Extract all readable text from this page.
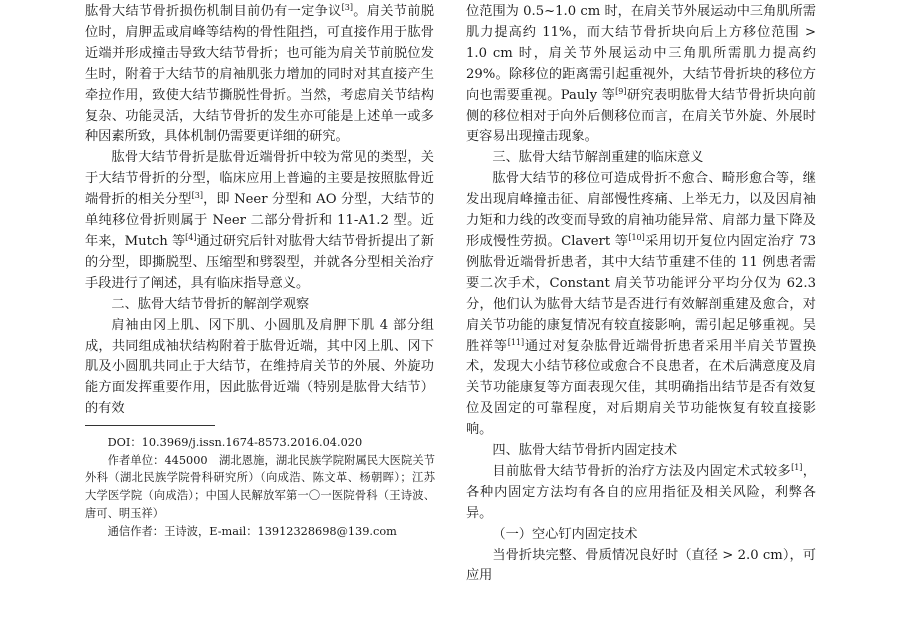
肱骨大结节骨折损伤机制目前仍有一定争议[3]。肩关节前脱位时，肩胛盂或肩峰等结构的骨性阻挡，可直接作用于肱骨近端并形成撞击导致大结节骨折；也可能为肩关节前脱位发生时，附着于大结节的肩袖肌张力增加的同时对其直接产生牵拉作用，致使大结节撕脱性骨折。当然，考虑肩关节结构复杂、功能灵活，大结节骨折的发生亦可能是上述单一或多种因素所致，具体机制仍需要更详细的研究。

肱骨大结节骨折是肱骨近端骨折中较为常见的类型，关于大结节骨折的分型，临床应用上普遍的主要是按照肱骨近端骨折的相关分型[3]，即 Neer 分型和 AO 分型，大结节的单纯移位骨折则属于 Neer 二部分骨折和 11-A1.2 型。近年来，Mutch 等[4]通过研究后针对肱骨大结节骨折提出了新的分型，即撕脱型、压缩型和劈裂型，并就各分型相关治疗手段进行了阐述，具有临床指导意义。

二、肱骨大结节骨折的解剖学观察

肩袖由冈上肌、冈下肌、小圆肌及肩胛下肌 4 部分组成，共同组成袖状结构附着于肱骨近端，其中冈上肌、冈下肌及小圆肌共同止于大结节，在维持肩关节的外展、外旋功能方面发挥重要作用，因此肱骨近端（特别是肱骨大结节）的有效

DOI：10.3969/j.issn.1674-8573.2016.04.020

作者单位：445000　湖北恩施，湖北民族学院附属民大医院关节外科（湖北民族学院骨科研究所）（向成浩、陈文革、杨朝晖）；江苏大学医学院（向成浩）；中国人民解放军第一〇一医院骨科（王诗波、唐可、明玉祥）

通信作者：王诗波，E-mail：13912328698@139.com

位范围为 0.5~1.0 cm 时，在肩关节外展运动中三角肌所需肌力提高约 11%，而大结节骨折块向后上方移位范围 > 1.0 cm 时，肩关节外展运动中三角肌所需肌力提高约 29%。除移位的距离需引起重视外，大结节骨折块的移位方向也需要重视。Pauly 等[9]研究表明肱骨大结节骨折块向前侧的移位相对于向外后侧移位而言，在肩关节外旋、外展时更容易出现撞击现象。

三、肱骨大结节解剖重建的临床意义

肱骨大结节的移位可造成骨折不愈合、畸形愈合等，继发出现肩峰撞击征、肩部慢性疼痛、上举无力，以及因肩袖力矩和力线的改变而导致的肩袖功能异常、肩部力量下降及形成慢性劳损。Clavert 等[10]采用切开复位内固定治疗 73 例肱骨近端骨折患者，其中大结节重建不佳的 11 例患者需要二次手术，Constant 肩关节功能评分平均分仅为 62.3 分，他们认为肱骨大结节是否进行有效解剖重建及愈合，对肩关节功能的康复情况有较直接影响，需引起足够重视。吴胜祥等[11]通过对复杂肱骨近端骨折患者采用半肩关节置换术，发现大小结节移位或愈合不良患者，在术后满意度及肩关节功能康复等方面表现欠佳，其明确指出结节是否有效复位及固定的可靠程度，对后期肩关节功能恢复有较直接影响。

四、肱骨大结节骨折内固定技术

目前肱骨大结节骨折的治疗方法及内固定术式较多[1]，各种内固定方法均有各自的应用指征及相关风险，利弊各异。

（一）空心钉内固定技术

当骨折块完整、骨质情况良好时（直径 > 2.0 cm），可应用
